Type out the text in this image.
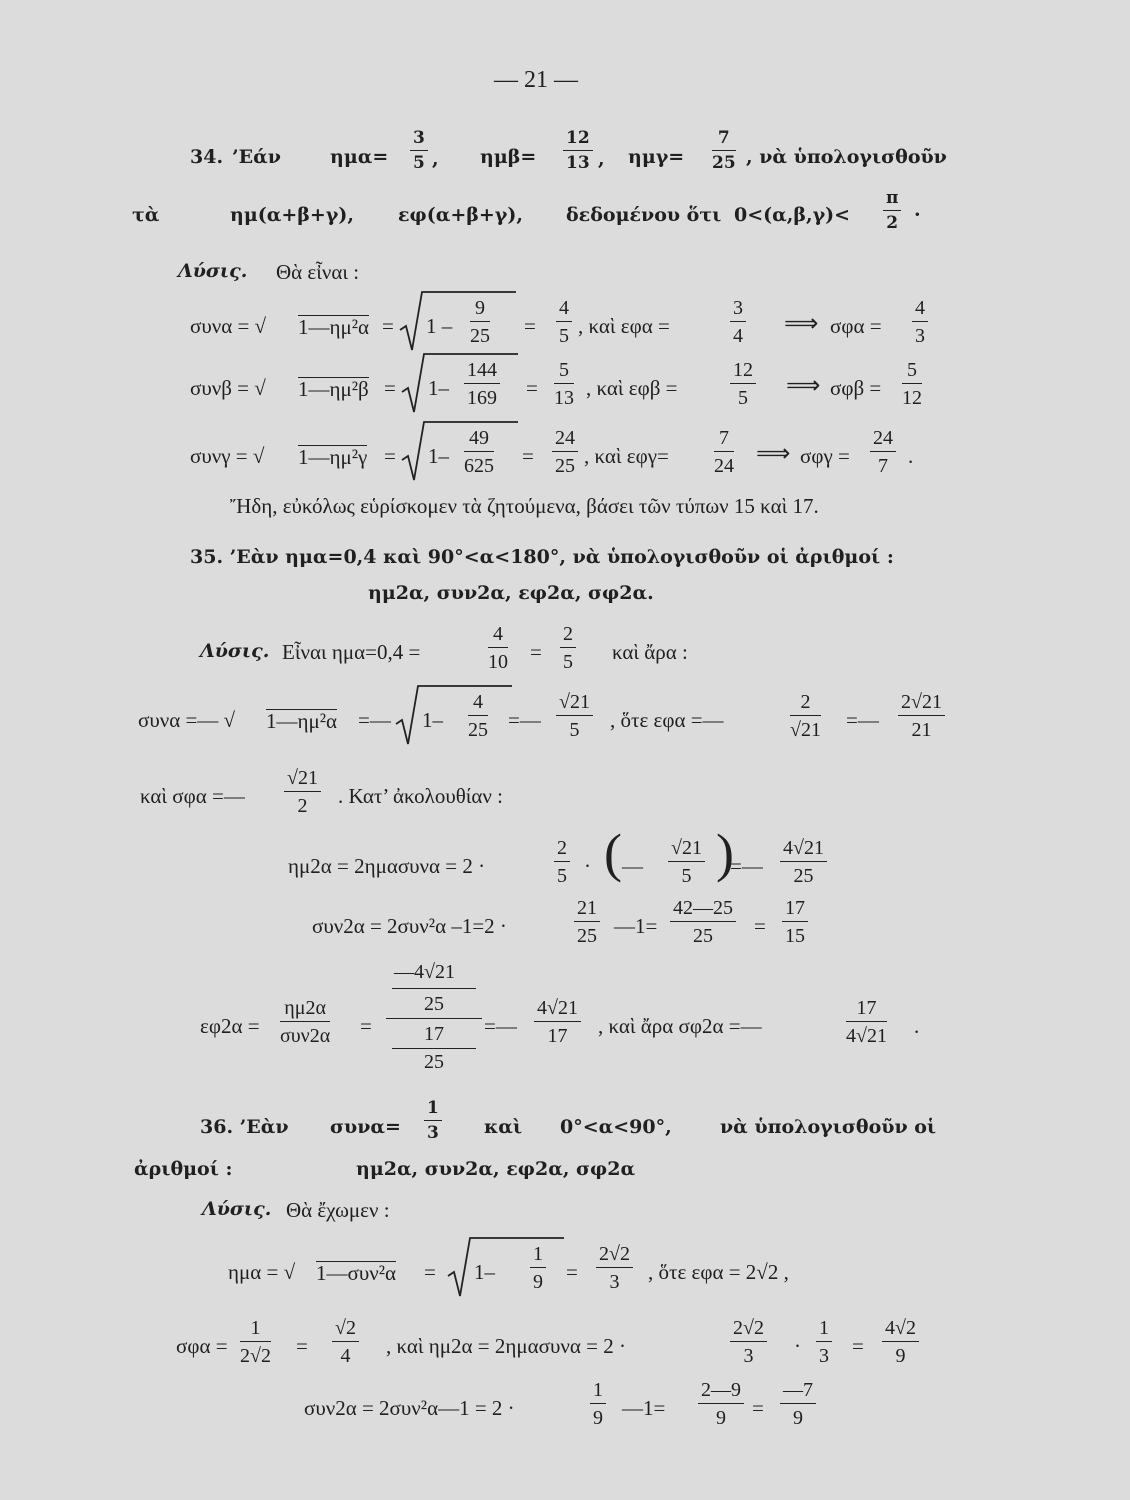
— 21 —
34. ’Εάν	$\eta\mu\alpha= \frac{3}{5}$ , $\eta\mu\beta= \frac{12}{13}$ , $\eta\mu\gamma= \frac{7}{25}$ , νὰ ὑπολογισθοῦν
τὰ	ημ(α+β+γ), εφ(α+β+γ), δεδομένου ὅτι $0<(\alpha,\beta,\gamma)< \frac{\pi}{2}$ ·
Λύσις. Θὰ εἶναι :
συνα = √ 1—ημ²α = $1 - \frac{9}{25} = \frac{4}{5}$ , καὶ εφα =	$\frac{3}{4}$ ⟹ $\sigma\varphi\alpha = \frac{4}{3}$
συνβ = √ 1—ημ²β = $1- \frac{144}{169} = \frac{5}{13}$ , καὶ εφβ =	$\frac{12}{5}$ ⟹ $\sigma\varphi\beta = \frac{5}{12}$
συνγ = √ 1—ημ²γ = $1- \frac{49}{625} = \frac{24}{25}$ , καὶ $\varepsilon\varphi\gamma= \frac{7}{24}$ ⟹ $\sigma\varphi\gamma = \frac{24}{7}$ .
Ἤδη, εὐκόλως εὑρίσκομεν τὰ ζητούμενα, βάσει τῶν τύπων 15 καὶ 17.
35. ’Εὰν ημα=0,4 καὶ 90°<α<180°, νὰ ὑπολογισθοῦν οἱ ἀριθμοί :
ημ2α, συν2α, εφ2α, σφ2α.
Λύσις. Εἶναι ημα=0,4 =	$\frac{4}{10} = \frac{2}{5}$ καὶ ἄρα :
συνα =— √ 1—ημ²α =— $1- \frac{4}{25}$ =— $\frac{√21}{5}$ , ὅτε εφα =—	$\frac{2}{√21}$ =— $\frac{2√21}{21}$
καὶ σφα =— $\frac{√21}{2}$ . Κατ’ ἀκολουθίαν :
ημ2α = 2ημασυνα = 2 ·	$\frac{2}{5}$ · ( — $\frac{√21}{5}$ )
=— $\frac{4√21}{25}$
συν2α = 2συν²α –1=2 ·	$\frac{21}{25}$ —1= $\frac{42—25}{25} = \frac{17}{15}$
εφ2α =
ημ2α
συν2α =
—4√21
25
17
25
=— $\frac{4√21}{17}$ , καὶ ἄρα σφ2α =—	$\frac{17}{4√21}$ .
36. ’Εὰν $\sigma\upsilon\nu\alpha= \frac{1}{3}$ καὶ 0°<α<90°,	νὰ ὑπολογισθοῦν οἱ
ἀριθμοί :	ημ2α, συν2α, εφ2α, σφ2α
Λύσις. Θὰ ἔχωμεν :
ημα = √ 1—συν²α = $1- \frac{1}{9} = \frac{2√2}{3}$ , ὅτε εφα = 2√2 ,
$\sigma\varphi\alpha = \frac{1}{2√2} = \frac{√2}{4}$ , καὶ ημ2α = 2ημασυνα = 2 ·	$\frac{2√2}{3} \cdot \frac{1}{3} = \frac{4√2}{9}$
συν2α = 2συν²α—1 = 2 ·	$\frac{1}{9}$ —1= $\frac{2—9}{9} = \frac{—7}{9}$
